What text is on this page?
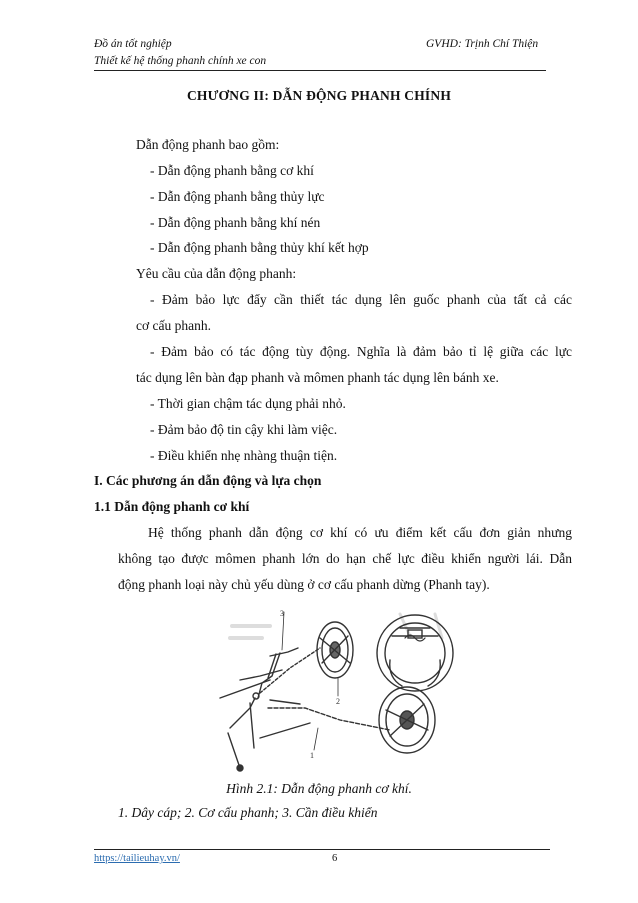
Đồ án tốt nghiệp
Thiết kế hệ thống phanh chính xe con
GVHD: Trịnh Chí Thiện
CHƯƠNG II: DẪN ĐỘNG PHANH CHÍNH
Dẫn động phanh bao gồm:
- Dẫn động phanh bằng cơ khí
- Dẫn động phanh bằng thủy lực
- Dẫn động phanh bằng khí nén
- Dẫn động phanh bằng thủy khí kết hợp
Yêu cầu của dẫn động phanh:
- Đảm bảo lực đẩy cần thiết tác dụng lên guốc phanh của tất cả các
cơ cấu phanh.
- Đảm bảo có tác động tùy động. Nghĩa là đảm bảo tỉ lệ giữa các lực
tác dụng lên bàn đạp phanh và mômen phanh tác dụng lên bánh xe.
- Thời gian chậm tác dụng phải nhỏ.
- Đảm bảo độ tin cậy khi làm việc.
- Điều khiển nhẹ nhàng thuận tiện.
I. Các phương án dẫn động và lựa chọn
1.1 Dẫn động phanh cơ khí
Hệ thống phanh dẫn động cơ khí có ưu điểm kết cấu đơn giản nhưng
không tạo được mômen phanh lớn do hạn chế lực điều khiển người lái. Dẫn
động phanh loại này chủ yếu dùng ở cơ cấu phanh dừng (Phanh tay).
3
2
1
Hình 2.1: Dẫn động phanh cơ khí.
1. Dây cáp; 2. Cơ cấu phanh; 3. Cần điều khiển
https://tailieuhay.vn/	6
